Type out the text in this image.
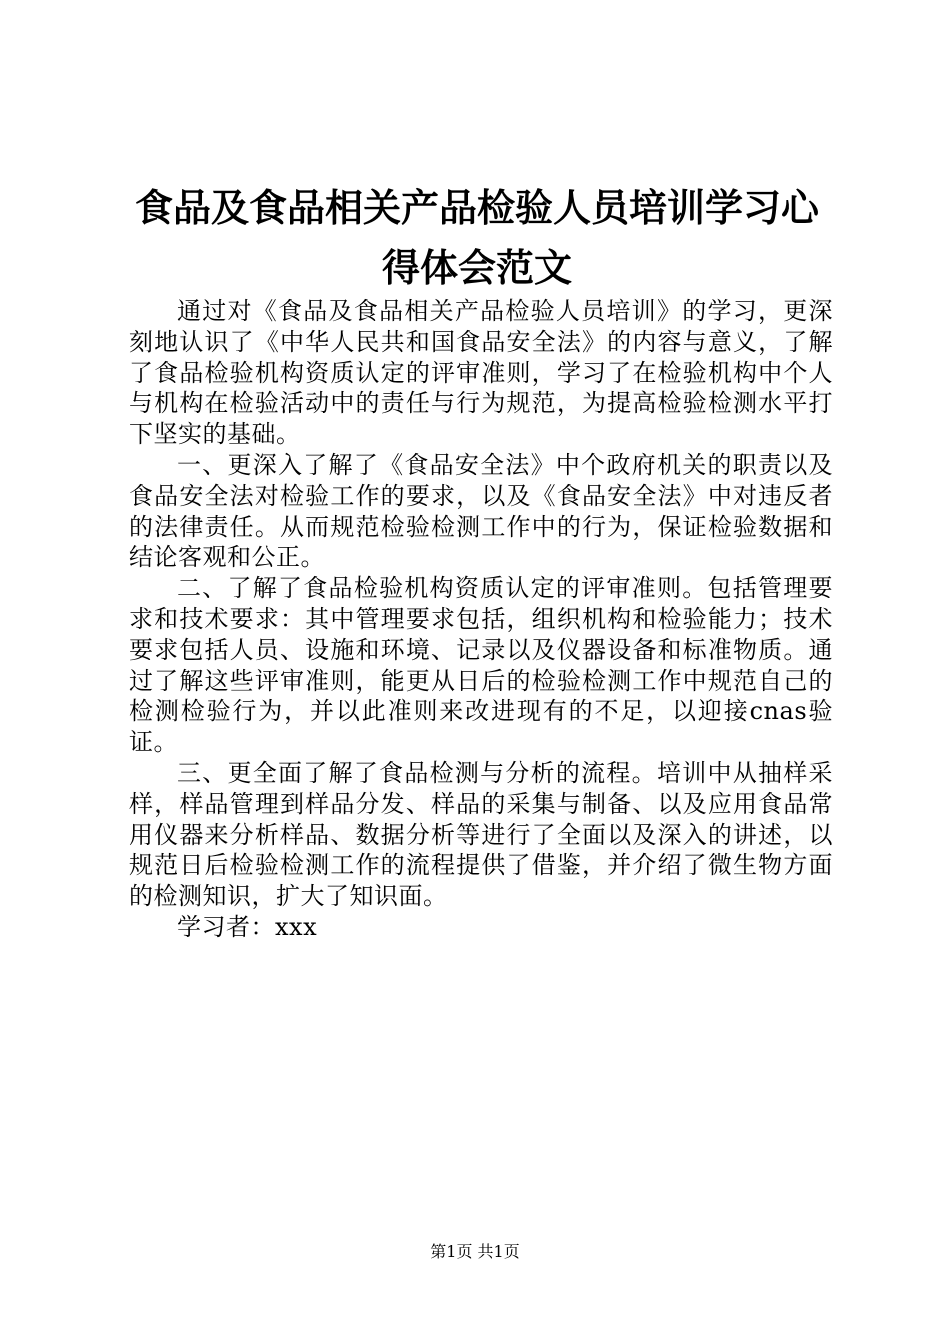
食品及食品相关产品检验人员培训学习心得体会范文

通过对《食品及食品相关产品检验人员培训》的学习，更深刻地认识了《中华人民共和国食品安全法》的内容与意义，了解了食品检验机构资质认定的评审准则，学习了在检验机构中个人与机构在检验活动中的责任与行为规范，为提高检验检测水平打下坚实的基础。

一、更深入了解了《食品安全法》中个政府机关的职责以及食品安全法对检验工作的要求，以及《食品安全法》中对违反者的法律责任。从而规范检验检测工作中的行为，保证检验数据和结论客观和公正。

二、了解了食品检验机构资质认定的评审准则。包括管理要求和技术要求：其中管理要求包括，组织机构和检验能力；技术要求包括人员、设施和环境、记录以及仪器设备和标准物质。通过了解这些评审准则，能更从日后的检验检测工作中规范自己的检测检验行为，并以此准则来改进现有的不足，以迎接cnas验证。

三、更全面了解了食品检测与分析的流程。培训中从抽样采样，样品管理到样品分发、样品的采集与制备、以及应用食品常用仪器来分析样品、数据分析等进行了全面以及深入的讲述，以规范日后检验检测工作的流程提供了借鉴，并介绍了微生物方面的检测知识，扩大了知识面。

学习者：xxx

第1页 共1页
